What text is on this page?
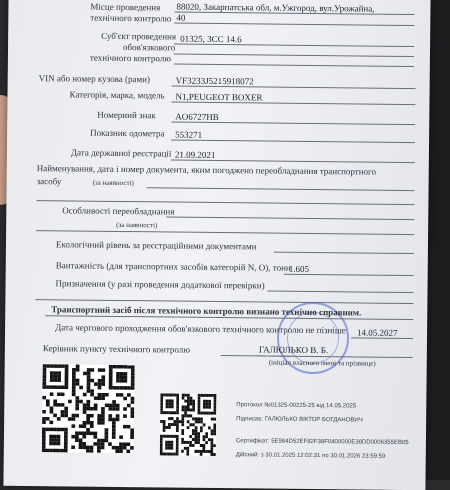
Місце проведення
технічного контролю
88020, Закарпатська обл, м.Ужгород, вул.Урожайна,
40
Суб'єкт проведення
обов'язкового
технічного контролю
01325, ЗСС 14.6
VIN або номер кузова (рами)	VF3233J5215918072
Категорія, марка, модель N1,PEUGEOT BOXER
Номерний знак AO6727HB
Показник одометра 553271
Дата державної реєстрації 21.09.2021
Найменування, дата і номер документа, яким погоджено переобладнання транспортного
засобу	(за наявності)
Особливості переобладнання
(за наявності)
Екологічний рівень за реєстраційними документами
Вантажність (для транспортних засобів категорій N, O), тонн
1.605
Призначення (у разі проведення додаткової перевірки)
Транспортний засіб після технічного контролю визнано технічно справним.
Дата чергового проходження обов'язкового технічного контролю не пізніше 14.05.2027
Керівник пункту технічного контролю	ГАЛЮЛЬКО В. Б.
(ініціал власного імені та прізвище)
Протокол №01325-00225-25 від 14.05.2025
Підписав: ГАЛЮЛЬКО ВІКТОР БОГДАНОВИЧ
Сертифікат: 5E984D52EF82F38F0400000E38DD0006355EB05
Дійсний: з 30.01.2025 12:02:31 по 30.01.2026 23:59:59
